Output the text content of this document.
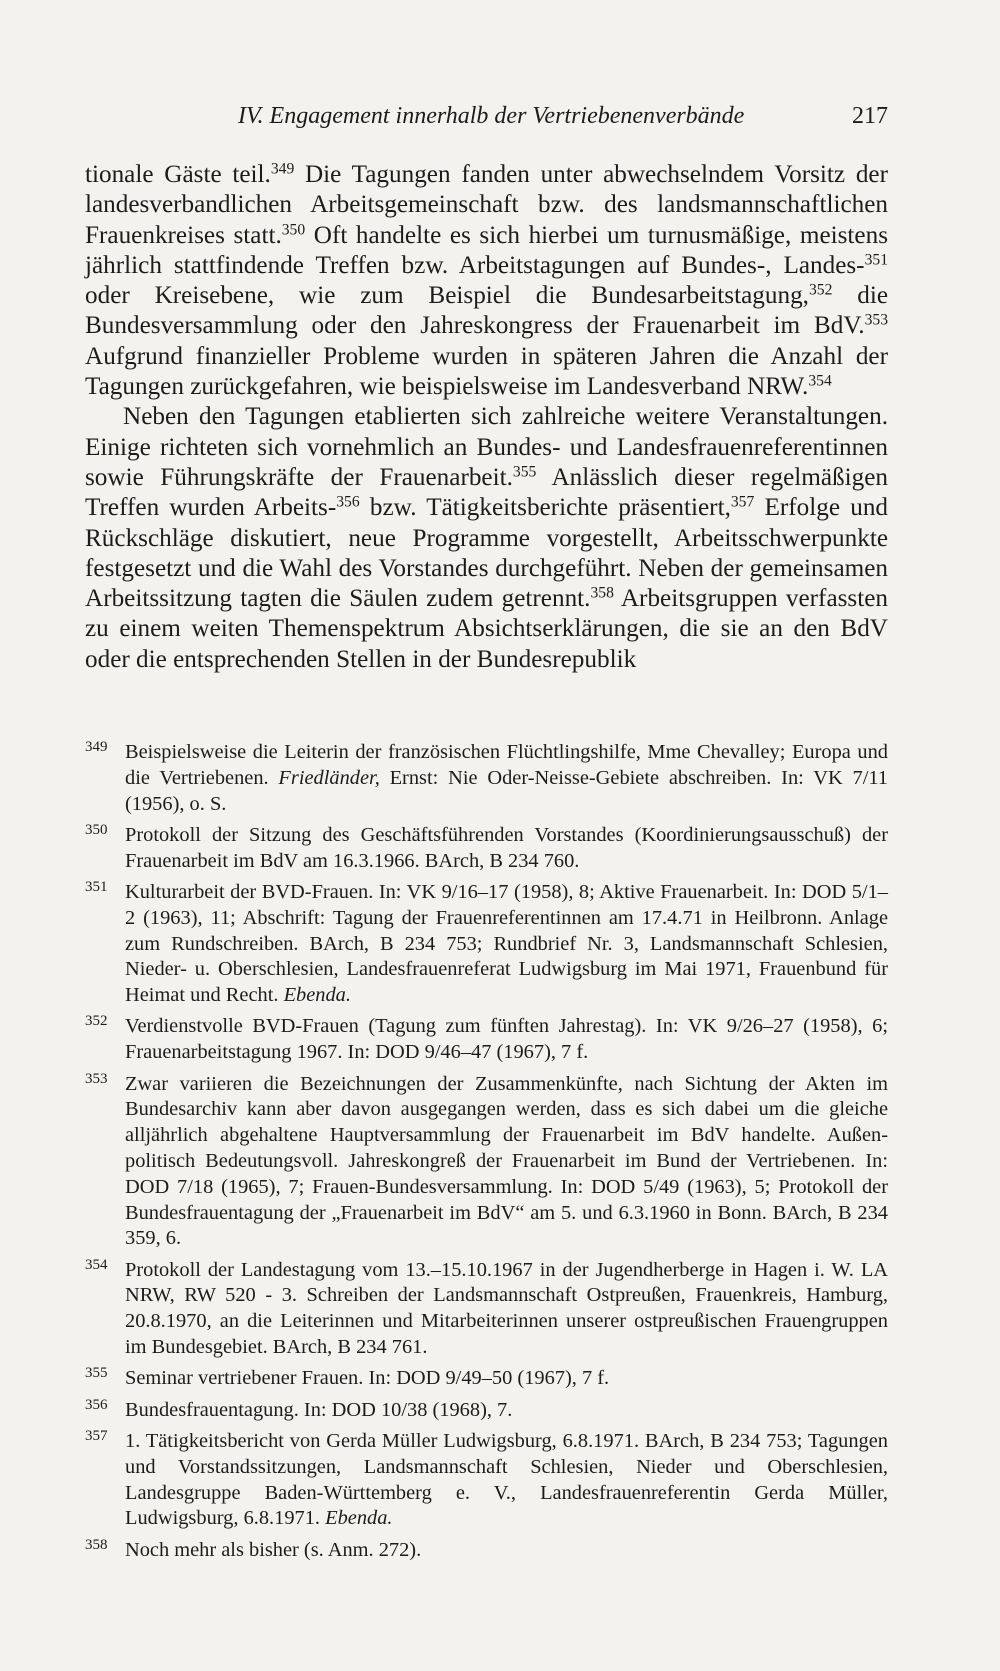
IV. Engagement innerhalb der Vertriebenenverbände	217

tionale Gäste teil.$^{349}$ Die Tagungen fanden unter abwechselndem Vorsitz der landesverbandlichen Arbeitsgemeinschaft bzw. des landsmannschaftlichen Frauenkreises statt.$^{350}$ Oft handelte es sich hierbei um turnusmäßige, meistens jährlich stattfindende Treffen bzw. Arbeitstagungen auf Bundes-, Landes-$^{351}$ oder Kreisebene, wie zum Beispiel die Bundesarbeitstagung,$^{352}$ die Bundesversammlung oder den Jahreskongress der Frauenarbeit im BdV.$^{353}$ Aufgrund finanzieller Probleme wurden in späteren Jahren die Anzahl der Tagungen zurückgefahren, wie beispielsweise im Landesverband NRW.$^{354}$

Neben den Tagungen etablierten sich zahlreiche weitere Veranstaltungen. Einige richteten sich vornehmlich an Bundes- und Landesfrauenreferentinnen sowie Führungskräfte der Frauenarbeit.$^{355}$ Anlässlich dieser regelmäßigen Treffen wurden Arbeits-$^{356}$ bzw. Tätigkeitsberichte präsentiert,$^{357}$ Erfolge und Rückschläge diskutiert, neue Programme vorgestellt, Arbeitsschwerpunkte festgesetzt und die Wahl des Vorstandes durchgeführt. Neben der gemeinsamen Arbeitssitzung tagten die Säulen zudem getrennt.$^{358}$ Arbeitsgruppen verfassten zu einem weiten Themenspektrum Absichtserklärungen, die sie an den BdV oder die entsprechenden Stellen in der Bundesrepublik

349 Beispielsweise die Leiterin der französischen Flüchtlingshilfe, Mme Chevalley; Europa und die Vertriebenen. Friedländer, Ernst: Nie Oder-Neisse-Gebiete abschreiben. In: VK 7/11 (1956), o. S.
350 Protokoll der Sitzung des Geschäftsführenden Vorstandes (Koordinierungsausschuß) der Frauenarbeit im BdV am 16.3.1966. BArch, B 234 760.
351 Kulturarbeit der BVD-Frauen. In: VK 9/16–17 (1958), 8; Aktive Frauenarbeit. In: DOD 5/1–2 (1963), 11; Abschrift: Tagung der Frauenreferentinnen am 17.4.71 in Heilbronn. Anlage zum Rundschreiben. BArch, B 234 753; Rundbrief Nr. 3, Landsmannschaft Schlesien, Nieder- u. Oberschlesien, Landesfrauenreferat Ludwigsburg im Mai 1971, Frauenbund für Heimat und Recht. Ebenda.
352 Verdienstvolle BVD-Frauen (Tagung zum fünften Jahrestag). In: VK 9/26–27 (1958), 6; Frauenarbeitstagung 1967. In: DOD 9/46–47 (1967), 7 f.
353 Zwar variieren die Bezeichnungen der Zusammenkünfte, nach Sichtung der Akten im Bundesarchiv kann aber davon ausgegangen werden, dass es sich dabei um die gleiche alljährlich abgehaltene Hauptversammlung der Frauenarbeit im BdV handelte. Außenpolitisch Bedeutungsvoll. Jahreskongreß der Frauenarbeit im Bund der Vertriebenen. In: DOD 7/18 (1965), 7; Frauen-Bundesversammlung. In: DOD 5/49 (1963), 5; Protokoll der Bundesfrauentagung der „Frauenarbeit im BdV“ am 5. und 6.3.1960 in Bonn. BArch, B 234 359, 6.
354 Protokoll der Landestagung vom 13.–15.10.1967 in der Jugendherberge in Hagen i. W. LA NRW, RW 520 - 3. Schreiben der Landsmannschaft Ostpreußen, Frauenkreis, Hamburg, 20.8.1970, an die Leiterinnen und Mitarbeiterinnen unserer ostpreußischen Frauengruppen im Bundesgebiet. BArch, B 234 761.
355 Seminar vertriebener Frauen. In: DOD 9/49–50 (1967), 7 f.
356 Bundesfrauentagung. In: DOD 10/38 (1968), 7.
357 1. Tätigkeitsbericht von Gerda Müller Ludwigsburg, 6.8.1971. BArch, B 234 753; Tagungen und Vorstandssitzungen, Landsmannschaft Schlesien, Nieder und Oberschlesien, Landesgruppe Baden-Württemberg e. V., Landesfrauenreferentin Gerda Müller, Ludwigsburg, 6.8.1971. Ebenda.
358 Noch mehr als bisher (s. Anm. 272).
